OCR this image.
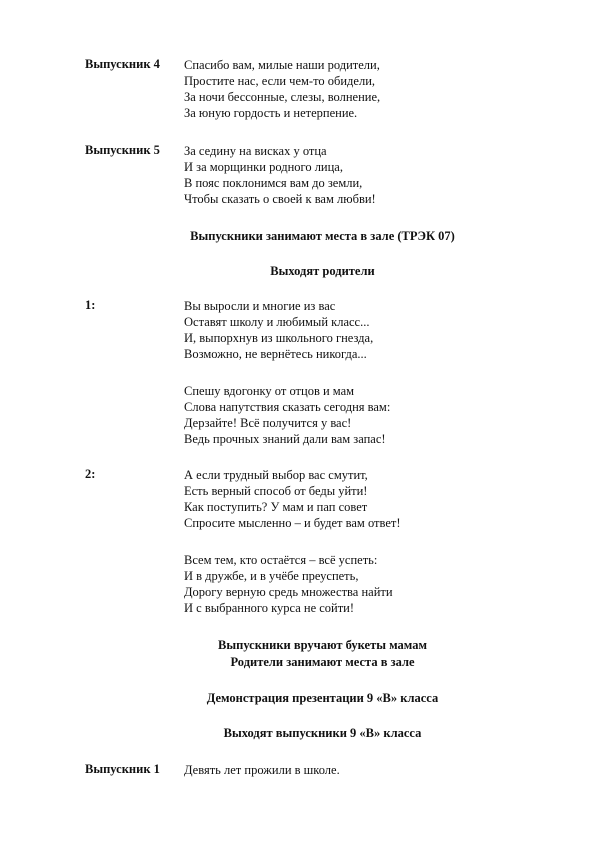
Выпускник 4 Спасибо вам, милые наши родители,
Простите нас, если чем-то обидели,
За ночи бессонные, слезы, волнение,
За юную гордость и нетерпение.
Выпускник 5 За седину на висках у отца
И за морщинки родного лица,
В пояс поклонимся вам до земли,
Чтобы сказать о своей к вам любви!
Выпускники занимают места в зале (ТРЭК 07)
Выходят родители
1:	Вы выросли и многие из вас
Оставят школу и любимый класс...
И, выпорхнув из школьного гнезда,
Возможно, не вернётесь никогда...
Спешу вдогонку от отцов и мам
Слова напутствия сказать сегодня вам:
Дерзайте! Всё получится у вас!
Ведь прочных знаний дали вам запас!
2:	А если трудный выбор вас смутит,
Есть верный способ от беды уйти!
Как поступить? У мам и пап совет
Спросите мысленно – и будет вам ответ!
Всем тем, кто остаётся – всё успеть:
И в дружбе, и в учёбе преуспеть,
Дорогу верную средь множества найти
И с выбранного курса не сойти!
Выпускники вручают букеты мамам
Родители занимают места в зале
Демонстрация презентации 9 «В» класса
Выходят выпускники 9 «В» класса
Выпускник 1 Девять лет прожили в школе.
